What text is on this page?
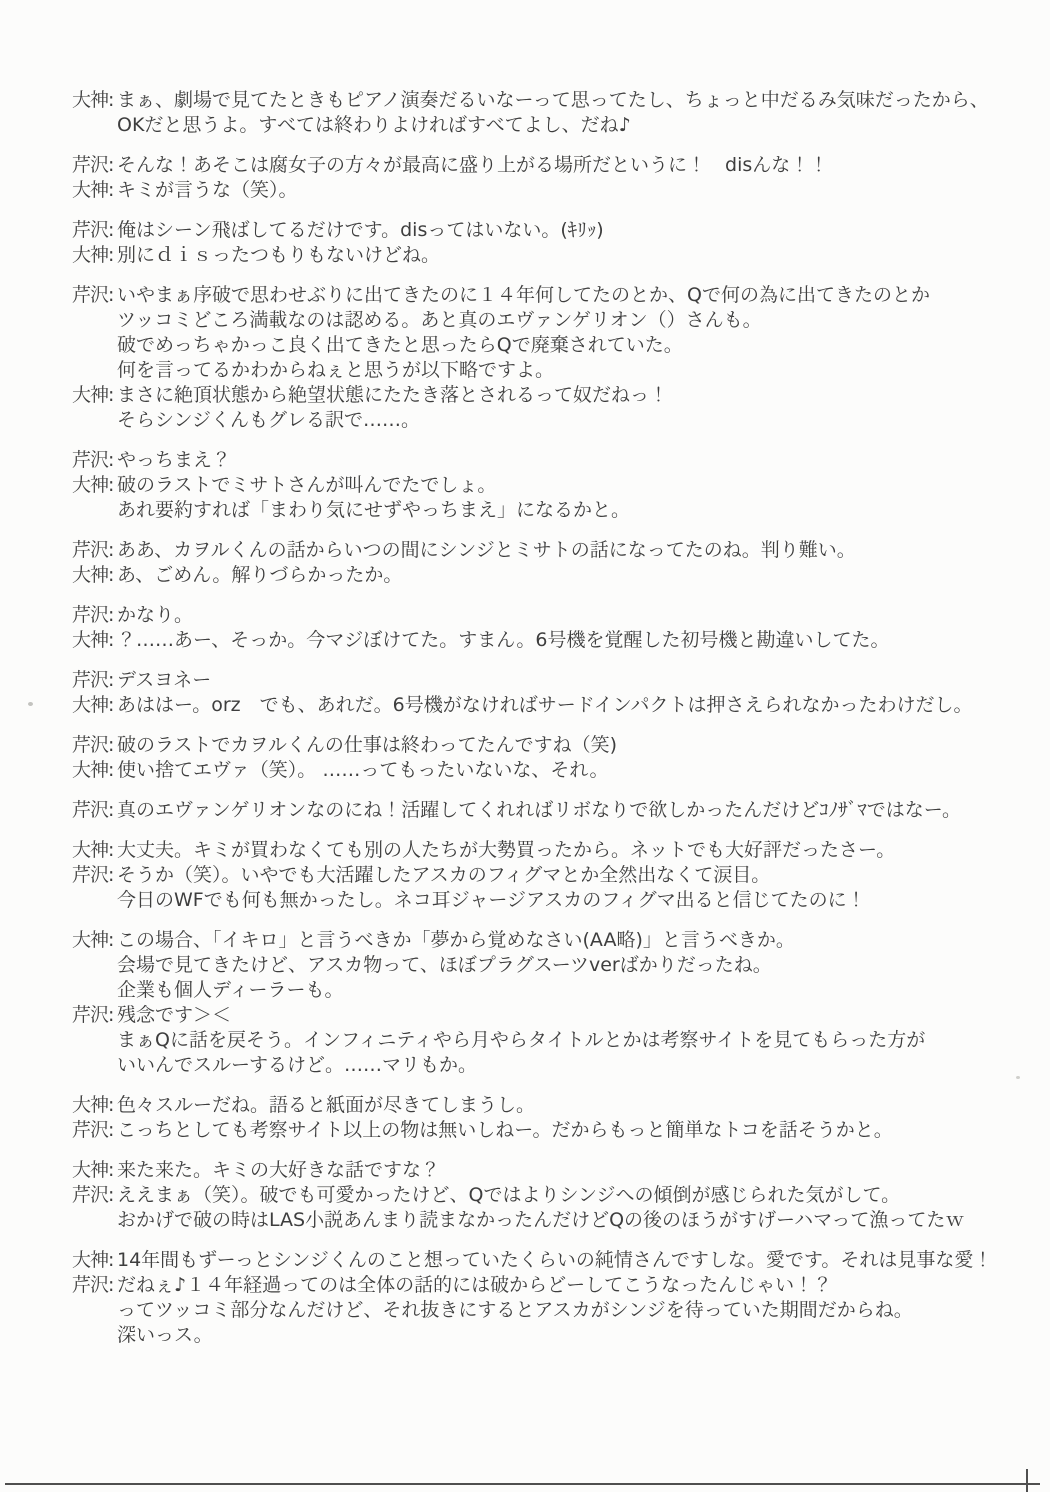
大神: まぁ、劇場で見てたときもピアノ演奏だるいなーって思ってたし、ちょっと中だるみ気味だったから、
OKだと思うよ。すべては終わりよければすべてよし、だね♪
芹沢: そんな！あそこは腐女子の方々が最高に盛り上がる場所だというに！　disんな！！
大神: キミが言うな（笑）。
芹沢: 俺はシーン飛ばしてるだけです。disってはいない。(ｷﾘｯ)
大神: 別にｄｉｓったつもりもないけどね。
芹沢: いやまぁ序破で思わせぶりに出てきたのに１４年何してたのとか、Qで何の為に出てきたのとか
ツッコミどころ満載なのは認める。あと真のエヴァンゲリオン（）さんも。
破でめっちゃかっこ良く出てきたと思ったらQで廃棄されていた。
何を言ってるかわからねぇと思うが以下略ですよ。
大神: まさに絶頂状態から絶望状態にたたき落とされるって奴だねっ！
そらシンジくんもグレる訳で……。
芹沢: やっちまえ？
大神: 破のラストでミサトさんが叫んでたでしょ。
あれ要約すれば「まわり気にせずやっちまえ」になるかと。
芹沢: ああ、カヲルくんの話からいつの間にシンジとミサトの話になってたのね。判り難い。
大神: あ、ごめん。解りづらかったか。
芹沢: かなり。
大神: ？……あー、そっか。今マジぼけてた。すまん。6号機を覚醒した初号機と勘違いしてた。
芹沢: デスヨネー
大神: あははー。orz　でも、あれだ。6号機がなければサードインパクトは押さえられなかったわけだし。
芹沢: 破のラストでカヲルくんの仕事は終わってたんですね（笑)
大神: 使い捨てエヴァ（笑）。 ……ってもったいないな、それ。
芹沢: 真のエヴァンゲリオンなのにね！活躍してくれればリボなりで欲しかったんだけどｺﾉｻﾞﾏではなー。
大神: 大丈夫。キミが買わなくても別の人たちが大勢買ったから。ネットでも大好評だったさー。
芹沢: そうか（笑）。いやでも大活躍したアスカのフィグマとか全然出なくて涙目。
今日のWFでも何も無かったし。ネコ耳ジャージアスカのフィグマ出ると信じてたのに！
大神: この場合、「イキロ」と言うべきか「夢から覚めなさい(AA略)」と言うべきか。
会場で見てきたけど、アスカ物って、ほぼプラグスーツverばかりだったね。
企業も個人ディーラーも。
芹沢: 残念です＞＜
まぁQに話を戻そう。インフィニティやら月やらタイトルとかは考察サイトを見てもらった方が
いいんでスルーするけど。……マリもか。
大神: 色々スルーだね。語ると紙面が尽きてしまうし。
芹沢: こっちとしても考察サイト以上の物は無いしねー。だからもっと簡単なトコを話そうかと。
大神: 来た来た。キミの大好きな話ですな？
芹沢: ええまぁ（笑）。破でも可愛かったけど、Qではよりシンジへの傾倒が感じられた気がして。
おかげで破の時はLAS小説あんまり読まなかったんだけどQの後のほうがすげーハマって漁ってたｗ
大神: 14年間もずーっとシンジくんのこと想っていたくらいの純情さんですしな。愛です。それは見事な愛！
芹沢: だねぇ♪１４年経過ってのは全体の話的には破からどーしてこうなったんじゃい！？
ってツッコミ部分なんだけど、それ抜きにするとアスカがシンジを待っていた期間だからね。
深いっス。
